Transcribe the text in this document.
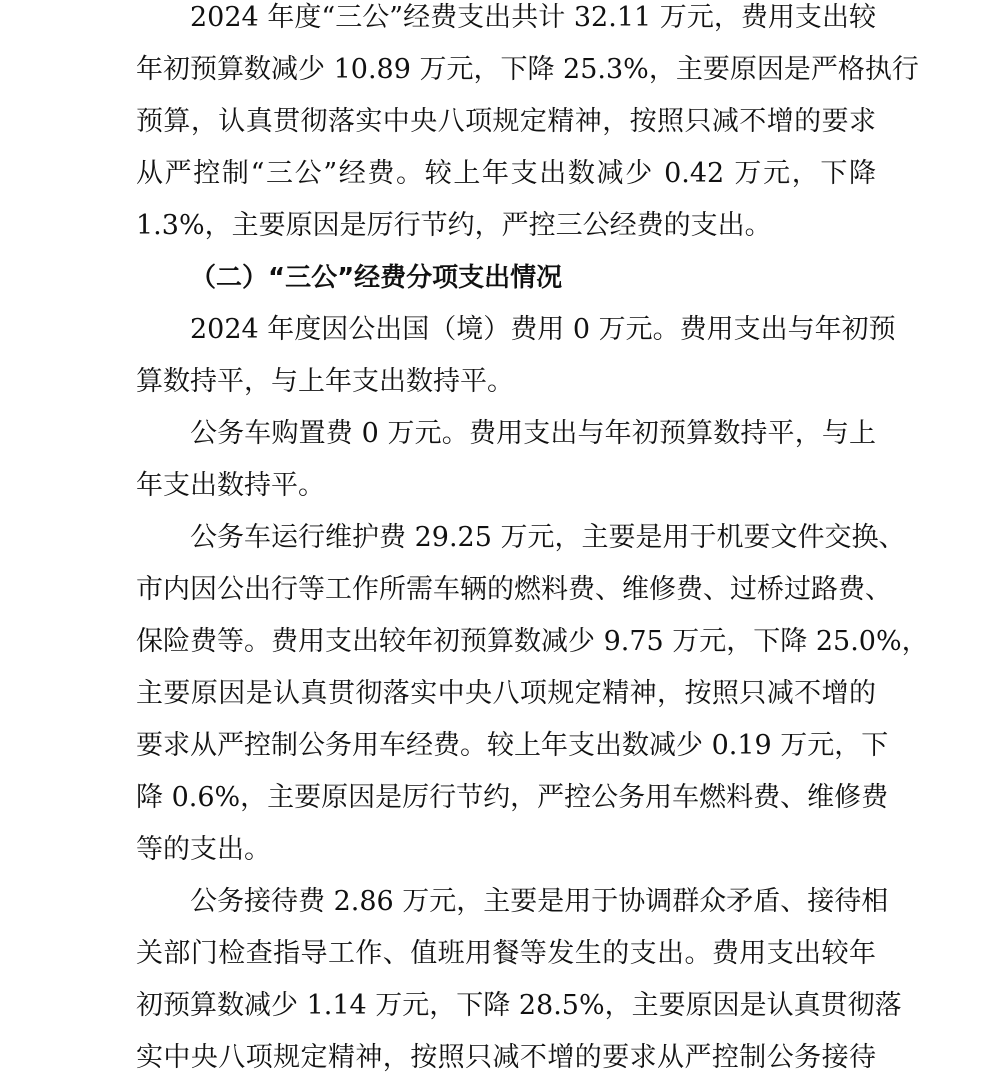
2024 年度“三公”经费支出共计 32.11 万元，费用支出较
年初预算数减少 10.89 万元，下降 25.3%，主要原因是严格执行
预算，认真贯彻落实中央八项规定精神，按照只减不增的要求
从严控制“三公”经费。较上年支出数减少 0.42 万元，下降
1.3%，主要原因是厉行节约，严控三公经费的支出。
（二）“三公”经费分项支出情况
2024 年度因公出国（境）费用 0 万元。费用支出与年初预
算数持平，与上年支出数持平。
公务车购置费 0 万元。费用支出与年初预算数持平，与上
年支出数持平。
公务车运行维护费 29.25 万元，主要是用于机要文件交换、
市内因公出行等工作所需车辆的燃料费、维修费、过桥过路费、
保险费等。费用支出较年初预算数减少 9.75 万元，下降 25.0%，
主要原因是认真贯彻落实中央八项规定精神，按照只减不增的
要求从严控制公务用车经费。较上年支出数减少 0.19 万元，下
降 0.6%，主要原因是厉行节约，严控公务用车燃料费、维修费
等的支出。
公务接待费 2.86 万元，主要是用于协调群众矛盾、接待相
关部门检查指导工作、值班用餐等发生的支出。费用支出较年
初预算数减少 1.14 万元，下降 28.5%，主要原因是认真贯彻落
实中央八项规定精神，按照只减不增的要求从严控制公务接待
